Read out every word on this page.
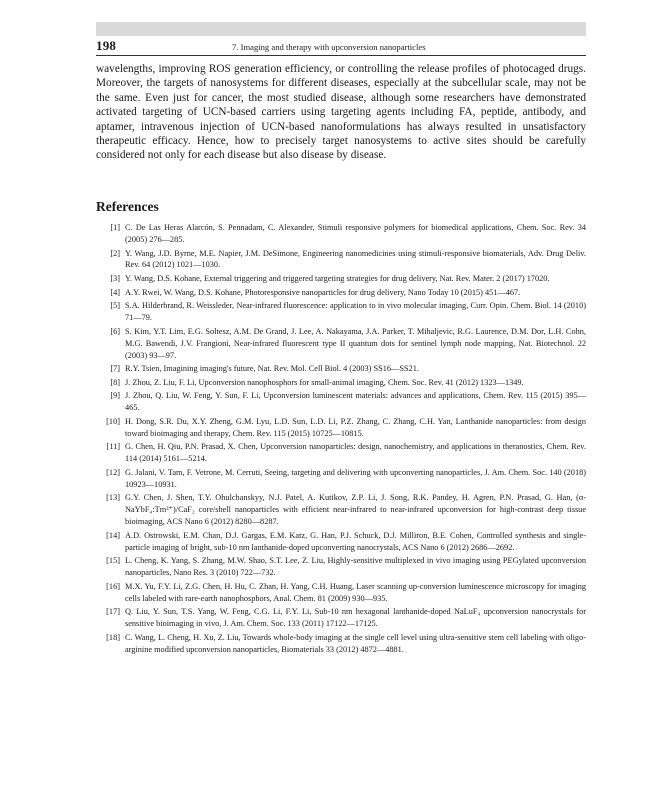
198	7. Imaging and therapy with upconversion nanoparticles

wavelengths, improving ROS generation efficiency, or controlling the release profiles of photocaged drugs. Moreover, the targets of nanosystems for different diseases, especially at the subcellular scale, may not be the same. Even just for cancer, the most studied disease, although some researchers have demonstrated activated targeting of UCN-based carriers using targeting agents including FA, peptide, antibody, and aptamer, intravenous injection of UCN-based nanoformulations has always resulted in unsatisfactory therapeutic efficacy. Hence, how to precisely target nanosystems to active sites should be carefully considered not only for each disease but also disease by disease.

References
[1] C. De Las Heras Alarcón, S. Pennadam, C. Alexander, Stimuli responsive polymers for biomedical applications, Chem. Soc. Rev. 34 (2005) 276—285.
[2] Y. Wang, J.D. Byrne, M.E. Napier, J.M. DeSimone, Engineering nanomedicines using stimuli-responsive biomaterials, Adv. Drug Deliv. Rev. 64 (2012) 1021—1030.
[3] Y. Wang, D.S. Kohane, External triggering and triggered targeting strategies for drug delivery, Nat. Rev. Mater. 2 (2017) 17020.
[4] A.Y. Rwei, W. Wang, D.S. Kohane, Photoresponsive nanoparticles for drug delivery, Nano Today 10 (2015) 451—467.
[5] S.A. Hilderbrand, R. Weissleder, Near-infrared fluorescence: application to in vivo molecular imaging, Curr. Opin. Chem. Biol. 14 (2010) 71—79.
[6] S. Kim, Y.T. Lim, E.G. Soltesz, A.M. De Grand, J. Lee, A. Nakayama, J.A. Parker, T. Mihaljevic, R.G. Laurence, D.M. Dor, L.H. Cohn, M.G. Bawendi, J.V. Frangioni, Near-infrared fluorescent type II quantum dots for sentinel lymph node mapping, Nat. Biotechnol. 22 (2003) 93—97.
[7] R.Y. Tsien, Imagining imaging's future, Nat. Rev. Mol. Cell Biol. 4 (2003) SS16—SS21.
[8] J. Zhou, Z. Liu, F. Li, Upconversion nanophosphors for small-animal imaging, Chem. Soc. Rev. 41 (2012) 1323—1349.
[9] J. Zhou, Q. Liu, W. Feng, Y. Sun, F. Li, Upconversion luminescent materials: advances and applications, Chem. Rev. 115 (2015) 395—465.
[10] H. Dong, S.R. Du, X.Y. Zheng, G.M. Lyu, L.D. Sun, L.D. Li, P.Z. Zhang, C. Zhang, C.H. Yan, Lanthanide nanoparticles: from design toward bioimaging and therapy, Chem. Rev. 115 (2015) 10725—10815.
[11] G. Chen, H. Qiu, P.N. Prasad, X. Chen, Upconversion nanoparticles: design, nanochemistry, and applications in theranostics, Chem. Rev. 114 (2014) 5161—5214.
[12] G. Jalani, V. Tam, F. Vetrone, M. Cerruti, Seeing, targeting and delivering with upconverting nanoparticles, J. Am. Chem. Soc. 140 (2018) 10923—10931.
[13] G.Y. Chen, J. Shen, T.Y. Ohulchanskyy, N.J. Patel, A. Kutikov, Z.P. Li, J. Song, R.K. Pandey, H. Agren, P.N. Prasad, G. Han, (α-NaYbF₄:Tm³⁺)/CaF₂ core/shell nanoparticles with efficient near-infrared to near-infrared upconversion for high-contrast deep tissue bioimaging, ACS Nano 6 (2012) 8280—8287.
[14] A.D. Ostrowski, E.M. Chan, D.J. Gargas, E.M. Katz, G. Han, P.J. Schuck, D.J. Milliron, B.E. Cohen, Controlled synthesis and single-particle imaging of bright, sub-10 nm lanthanide-doped upconverting nanocrystals, ACS Nano 6 (2012) 2686—2692.
[15] L. Cheng, K. Yang, S. Zhang, M.W. Shao, S.T. Lee, Z. Liu, Highly-sensitive multiplexed in vivo imaging using PEGylated upconversion nanoparticles, Nano Res. 3 (2010) 722—732.
[16] M.X. Yu, F.Y. Li, Z.G. Chen, H. Hu, C. Zhan, H. Yang, C.H. Huang, Laser scanning up-conversion luminescence microscopy for imaging cells labeled with rare-earth nanophosphors, Anal. Chem. 81 (2009) 930—935.
[17] Q. Liu, Y. Sun, T.S. Yang, W. Feng, C.G. Li, F.Y. Li, Sub-10 nm hexagonal lanthanide-doped NaLuF₄ upconversion nanocrystals for sensitive bioimaging in vivo, J. Am. Chem. Soc. 133 (2011) 17122—17125.
[18] C. Wang, L. Cheng, H. Xu, Z. Liu, Towards whole-body imaging at the single cell level using ultra-sensitive stem cell labeling with oligo-arginine modified upconversion nanoparticles, Biomaterials 33 (2012) 4872—4881.
